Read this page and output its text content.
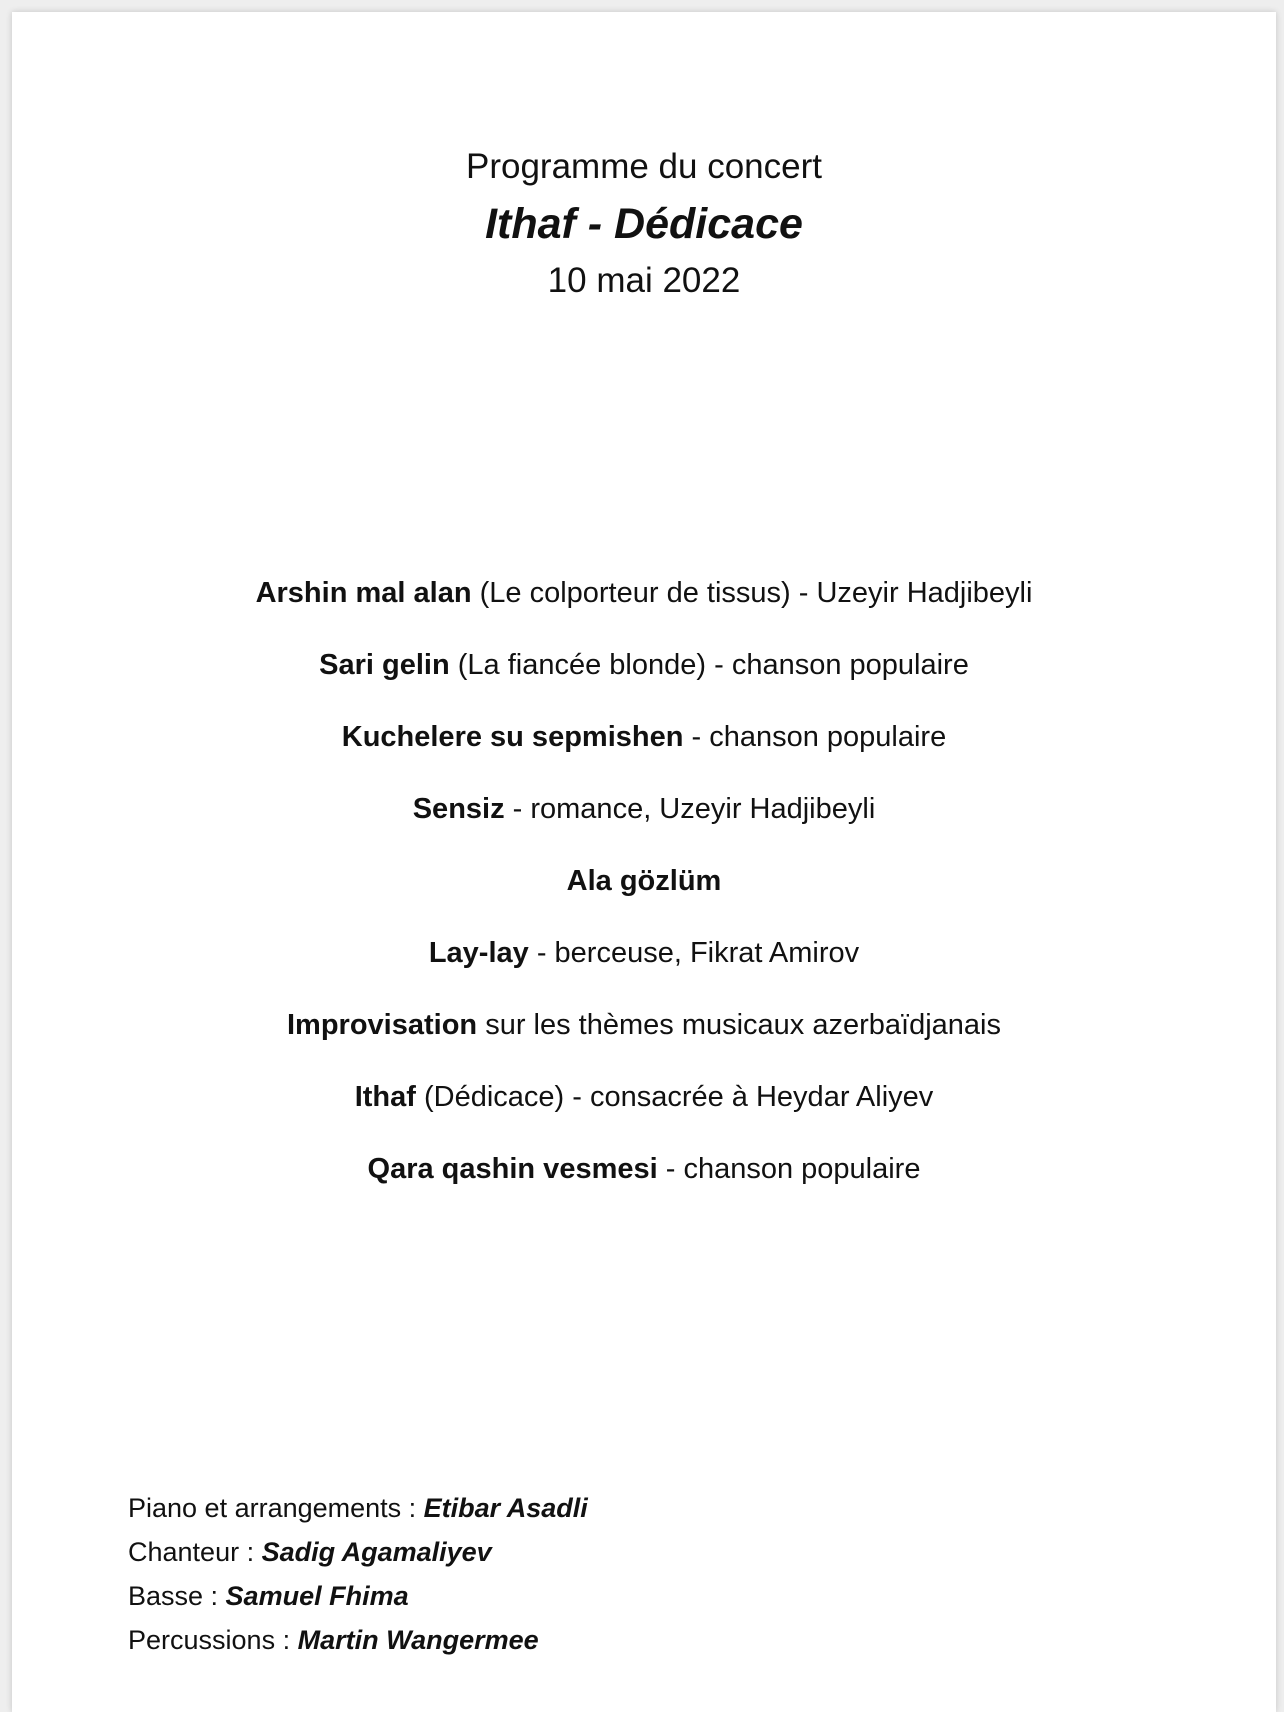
Programme du concert
Ithaf - Dédicace
10 mai 2022
Arshin mal alan (Le colporteur de tissus) - Uzeyir Hadjibeyli
Sari gelin (La fiancée blonde) - chanson populaire
Kuchelere su sepmishen - chanson populaire
Sensiz - romance, Uzeyir Hadjibeyli
Ala gözlüm
Lay-lay - berceuse, Fikrat Amirov
Improvisation sur les thèmes musicaux azerbaïdjanais
Ithaf (Dédicace) - consacrée à Heydar Aliyev
Qara qashin vesmesi - chanson populaire
Piano et arrangements : Etibar Asadli
Chanteur : Sadig Agamaliyev
Basse : Samuel Fhima
Percussions : Martin Wangermee
